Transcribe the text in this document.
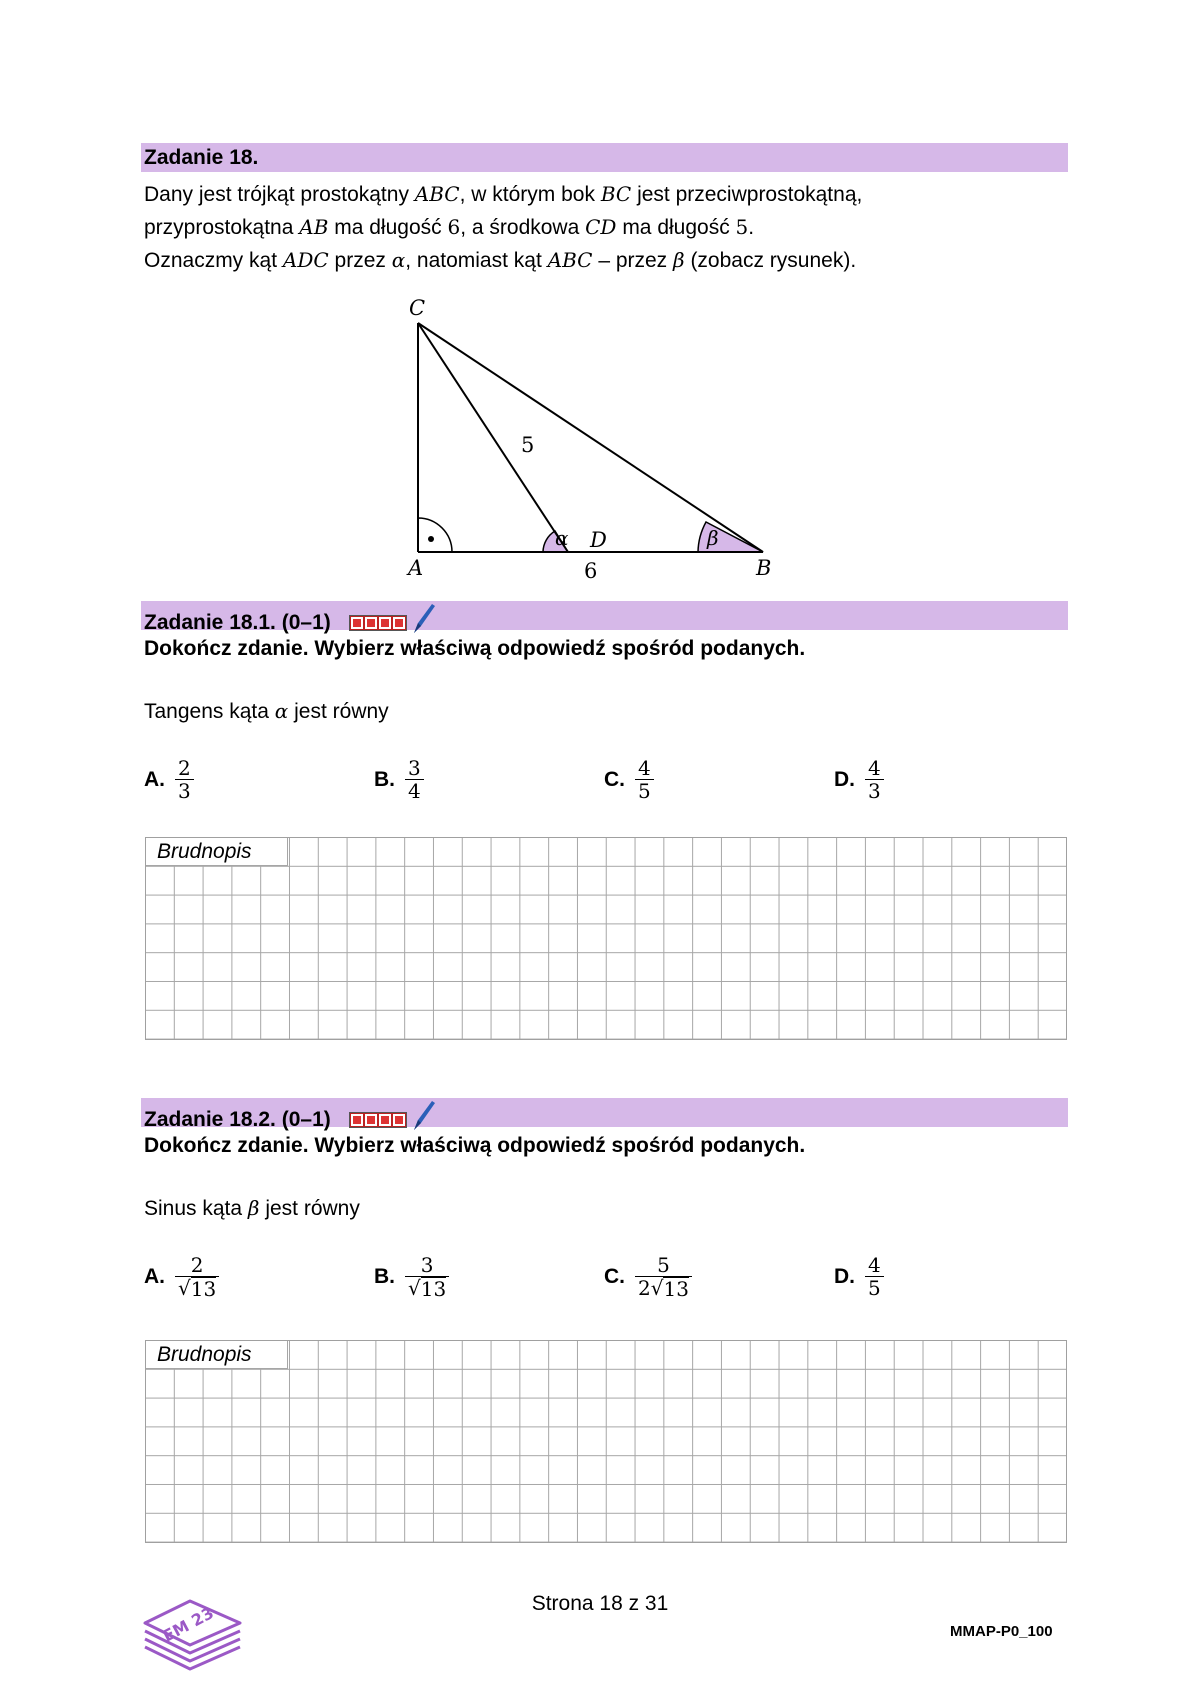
Zadanie 18.
Dany jest trójkąt prostokątny ABC, w którym bok BC jest przeciwprostokątną,
przyprostokątna AB ma długość 6, a środkowa CD ma długość 5.
Oznaczmy kąt ADC przez α, natomiast kąt ABC – przez β (zobacz rysunek).
C
A	B
D
5
6
α	β
Zadanie 18.1. (0–1)

Dokończ zdanie. Wybierz właściwą odpowiedź spośród podanych.
Tangens kąta α jest równy
A. $\frac{2}{3}$	B. $\frac{3}{4}$	C. $\frac{4}{5}$	D. $\frac{4}{3}$
Brudnopis
Zadanie 18.2. (0–1)

Dokończ zdanie. Wybierz właściwą odpowiedź spośród podanych.
Sinus kąta β jest równy
A. $\frac{2}{√ 13}$	B. $\frac{3}{√ 13}$	C. $\frac{5}{2 √ 13}$	D. $\frac{4}{5}$
Brudnopis
Strona 18 z 31
MMAP-P0_100
EM 23
